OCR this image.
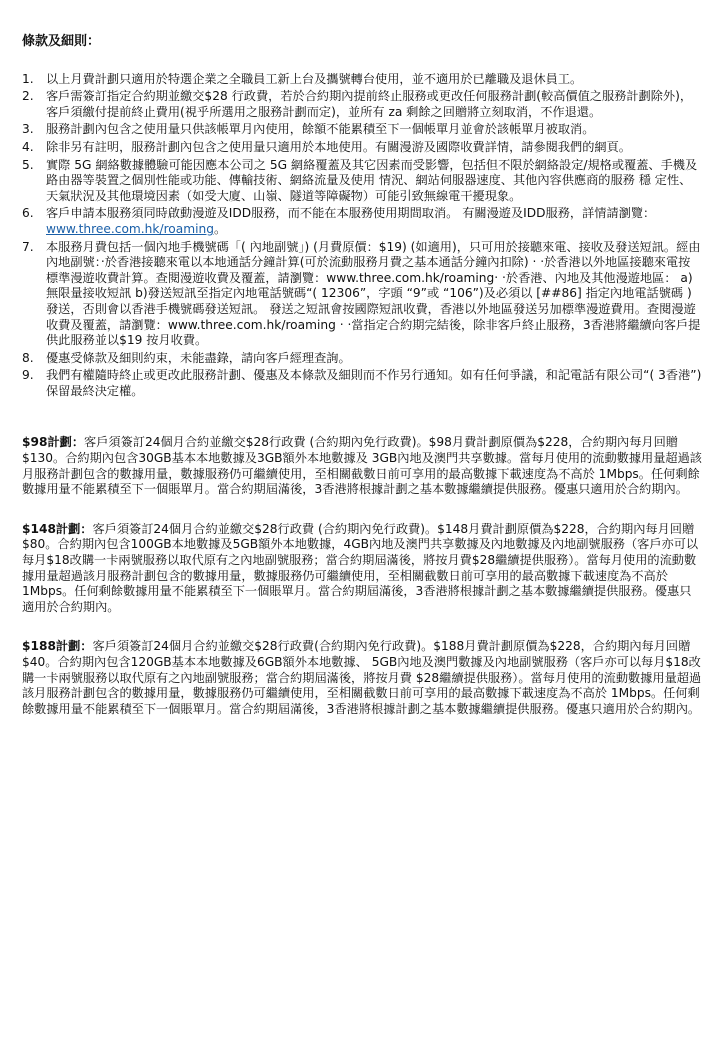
條款及細則：
1. 以上月費計劃只適用於特選企業之全職員工新上台及攜號轉台使用，並不適用於已離職及退休員工。
2. 客戶需簽訂指定合約期並繳交$28 行政費，若於合約期內提前終止服務或更改任何服務計劃(較高價值之服務計劃除外)，客戶須繳付提前終止費用(視乎所選用之服務計劃而定)，並所有 za 剩餘之回贈將立刻取消，不作退還。
3. 服務計劃內包含之使用量只供該帳單月內使用，餘額不能累積至下一個帳單月並會於該帳單月被取消。
4. 除非另有註明，服務計劃內包含之使用量只適用於本地使用。有關漫游及國際收費詳情，請參閱我們的網頁。
5. 實際 5G 網絡數據體驗可能因應本公司之 5G 網絡覆蓋及其它因素而受影響，包括但不限於網絡設定/規格或覆蓋、手機及路由器等裝置之個別性能或功能、傳輸技術、網絡流量及使用 情況、網站伺服器速度、其他內容供應商的服務 穩 定性、天氣狀況及其他環境因素（如受大廈、山嶺、隧道等障礙物）可能引致無線電干擾現象。
6. 客戶申請本服務須同時啟動漫遊及IDD服務，而不能在本服務使用期間取消。 有關漫遊及IDD服務，詳情請瀏覽：www.three.com.hk/roaming。
7. 本服務月費包括一個內地手機號碼「( 內地副號」) (月費原價：$19) (如適用)，只可用於接聽來電、接收及發送短訊。經由內地副號：‧於香港接聽來電以本地通話分鐘計算(可於流動服務月費之基本通話分鐘內扣除) ‧ ‧於香港以外地區接聽來電按標準漫遊收費計算。查閱漫遊收費及覆蓋，請瀏覽：www.three.com.hk/roaming‧ ‧於香港、內地及其他漫遊地區： a) 無限量接收短訊 b)發送短訊至指定內地電話號碼“( 12306”，字頭 “9”或 “106”)及必須以 [##86] 指定內地電話號碼 ) 發送，否則會以香港手機號碼發送短訊。 發送之短訊會按國際短訊收費，香港以外地區發送另加標準漫遊費用。查閱漫遊收費及覆蓋，請瀏覽：www.three.com.hk/roaming ‧ ‧當指定合約期完結後，除非客戶終止服務，3香港將繼續向客戶提供此服務並以$19 按月收費。
8. 優惠受條款及細則約束，未能盡錄，請向客戶經理查詢。
9. 我們有權隨時終止或更改此服務計劃、優惠及本條款及細則而不作另行通知。如有任何爭議，和記電話有限公司“( 3香港”)保留最終決定權。

$98計劃：客戶須簽訂24個月合約並繳交$28行政費 (合約期內免行政費)。$98月費計劃原價為$228，合約期內每月回贈 $130。合約期內包含30GB基本本地數據及3GB額外本地數據及 3GB內地及澳門共享數據。當每月使用的流動數據用量超過該月服務計劃包含的數據用量，數據服務仍可繼續使用，至相關截數日前可享用的最高數據下載速度為不高於 1Mbps。任何剩餘數據用量不能累積至下一個賬單月。當合約期屆滿後，3香港將根據計劃之基本數據繼續提供服務。優惠只適用於合約期內。

$148計劃：客戶須簽訂24個月合約並繳交$28行政費 (合約期內免行政費)。$148月費計劃原價為$228，合約期內每月回贈 $80。合約期內包含100GB本地數據及5GB額外本地數據，4GB內地及澳門共享數據及內地數據及內地副號服務（客戶亦可以每月$18改購一卡兩號服務以取代原有之內地副號服務；當合約期屆滿後，將按月費$28繼續提供服務）。當每月使用的流動數據用量超過該月服務計劃包含的數據用量，數據服務仍可繼續使用，至相關截數日前可享用的最高數據下載速度為不高於1Mbps。任何剩餘數據用量不能累積至下一個賬單月。當合約期屆滿後，3香港將根據計劃之基本數據繼續提供服務。優惠只適用於合約期內。

$188計劃：客戶須簽訂24個月合約並繳交$28行政費(合約期內免行政費)。$188月費計劃原價為$228，合約期內每月回贈 $40。合約期內包含120GB基本本地數據及6GB額外本地數據、 5GB內地及澳門數據及內地副號服務（客戶亦可以每月$18改購一卡兩號服務以取代原有之內地副號服務；當合約期屆滿後，將按月費 $28繼續提供服務）。當每月使用的流動數據用量超過該月服務計劃包含的數據用量，數據服務仍可繼續使用，至相關截數日前可享用的最高數據下載速度為不高於 1Mbps。任何剩餘數據用量不能累積至下一個賬單月。當合約期屆滿後，3香港將根據計劃之基本數據繼續提供服務。優惠只適用於合約期內。
